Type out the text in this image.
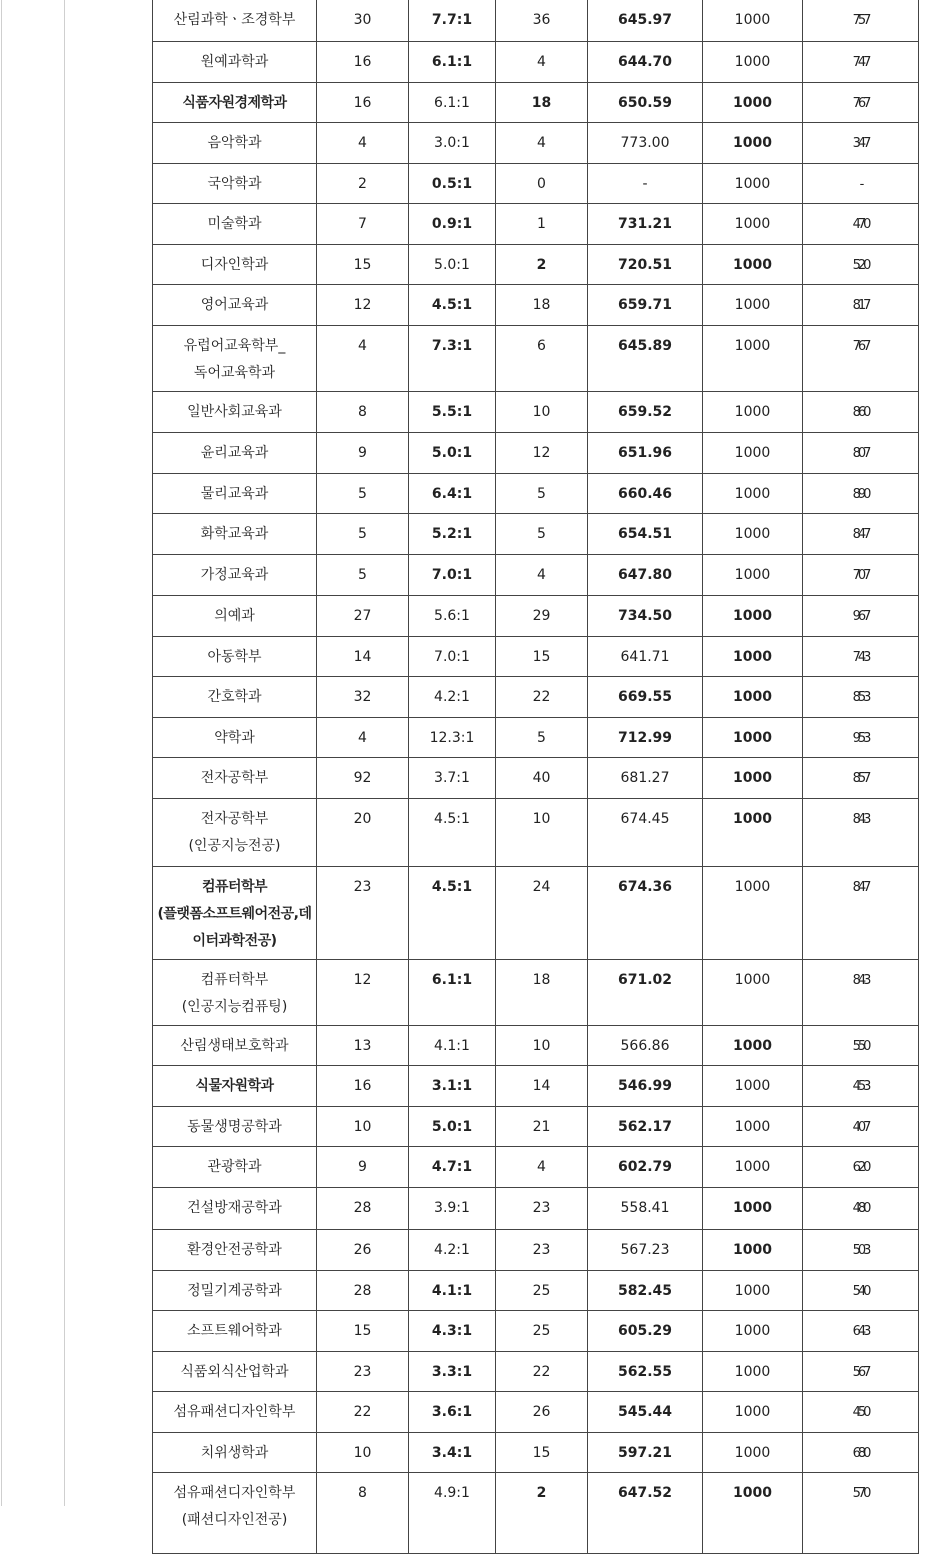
산림과학ㆍ조경학부	30	7.7:1	36	645.97	1000	757

원예과학과	16	6.1:1	4	644.70	1000	747

식품자원경제학과	16	6.1:1	18	650.59	1000	767

음악학과	4	3.0:1	4	773.00	1000	347

국악학과	2	0.5:1	0	-	1000	-

미술학과	7	0.9:1	1	731.21	1000	470

디자인학과	15	5.0:1	2	720.51	1000	520

영어교육과	12	4.5:1	18	659.71	1000	817

유럽어교육학부_
독어교육학과	4	7.3:1	6	645.89	1000	767

일반사회교육과	8	5.5:1	10	659.52	1000	860

윤리교육과	9	5.0:1	12	651.96	1000	807

물리교육과	5	6.4:1	5	660.46	1000	890

화학교육과	5	5.2:1	5	654.51	1000	847

가정교육과	5	7.0:1	4	647.80	1000	707

의예과	27	5.6:1	29	734.50	1000	967

아동학부	14	7.0:1	15	641.71	1000	743

간호학과	32	4.2:1	22	669.55	1000	853

약학과	4	12.3:1	5	712.99	1000	953

전자공학부	92	3.7:1	40	681.27	1000	857

전자공학부
(인공지능전공)	20	4.5:1	10	674.45	1000	843

컴퓨터학부
(플랫폼소프트웨어전공,데
이터과학전공)	23	4.5:1	24	674.36	1000	847

컴퓨터학부
(인공지능컴퓨팅)	12	6.1:1	18	671.02	1000	843

산림생태보호학과	13	4.1:1	10	566.86	1000	550

식물자원학과	16	3.1:1	14	546.99	1000	453

동물생명공학과	10	5.0:1	21	562.17	1000	407

관광학과	9	4.7:1	4	602.79	1000	620

건설방재공학과	28	3.9:1	23	558.41	1000	480

환경안전공학과	26	4.2:1	23	567.23	1000	503

정밀기계공학과	28	4.1:1	25	582.45	1000	540

소프트웨어학과	15	4.3:1	25	605.29	1000	643

식품외식산업학과	23	3.3:1	22	562.55	1000	567

섬유패션디자인학부	22	3.6:1	26	545.44	1000	450

치위생학과	10	3.4:1	15	597.21	1000	680

섬유패션디자인학부
(패션디자인전공)	8	4.9:1	2	647.52	1000	570
